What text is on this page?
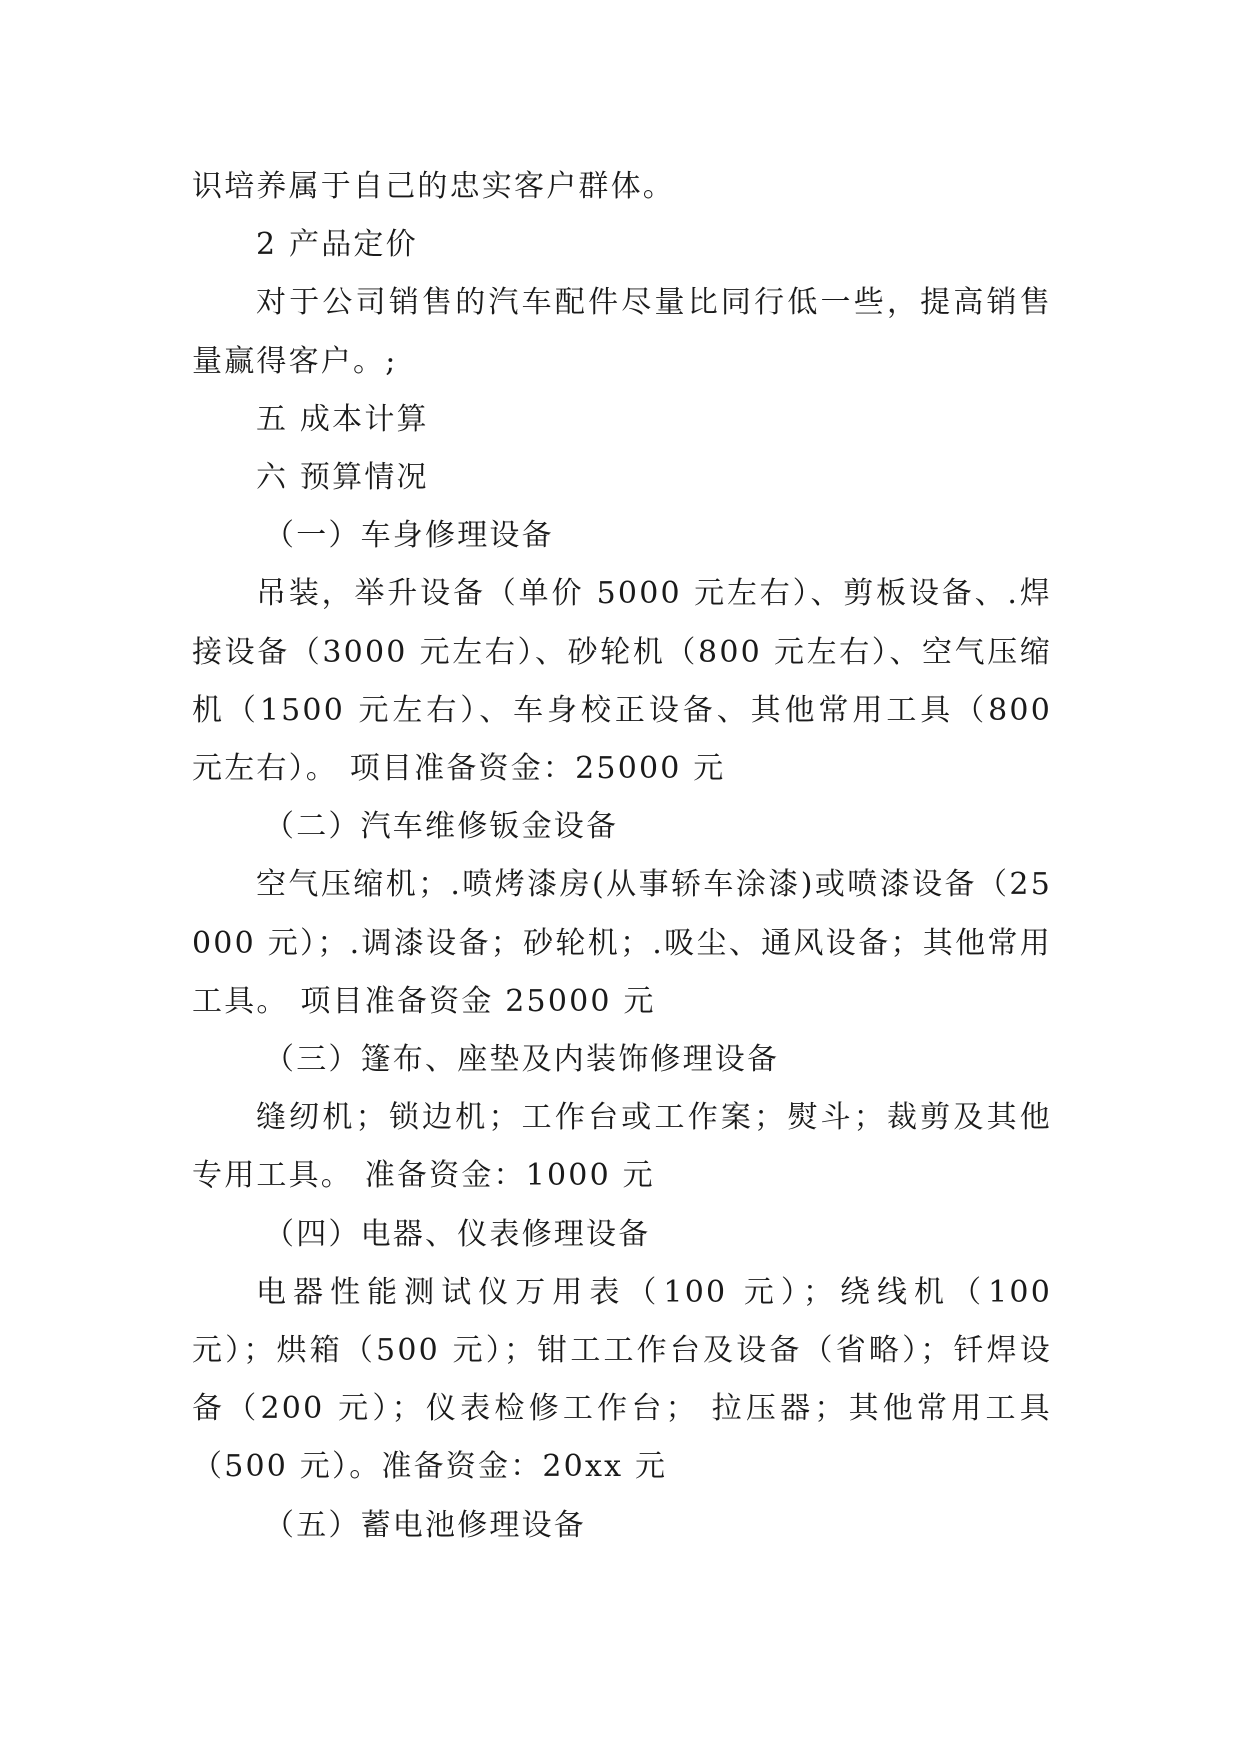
识培养属于自己的忠实客户群体。

2 产品定价

对于公司销售的汽车配件尽量比同行低一些，提高销售量赢得客户。;

五 成本计算

六 预算情况

（一）车身修理设备

吊装，举升设备（单价 5000 元左右）、剪板设备、.焊接设备（3000 元左右）、砂轮机（800 元左右）、空气压缩机（1500 元左右）、车身校正设备、其他常用工具（800 元左右）。 项目准备资金：25000 元

（二）汽车维修钣金设备

空气压缩机；.喷烤漆房(从事轿车涂漆)或喷漆设备（25000 元）；.调漆设备；砂轮机；.吸尘、通风设备；其他常用工具。 项目准备资金 25000 元

（三）篷布、座垫及内装饰修理设备

缝纫机；锁边机；工作台或工作案；熨斗；裁剪及其他专用工具。 准备资金：1000 元

（四）电器、仪表修理设备

电器性能测试仪万用表（100 元）；绕线机（100 元）；烘箱（500 元）；钳工工作台及设备（省略）；钎焊设备（200 元）；仪表检修工作台； 拉压器；其他常用工具（500 元）。准备资金：20xx 元

（五）蓄电池修理设备
